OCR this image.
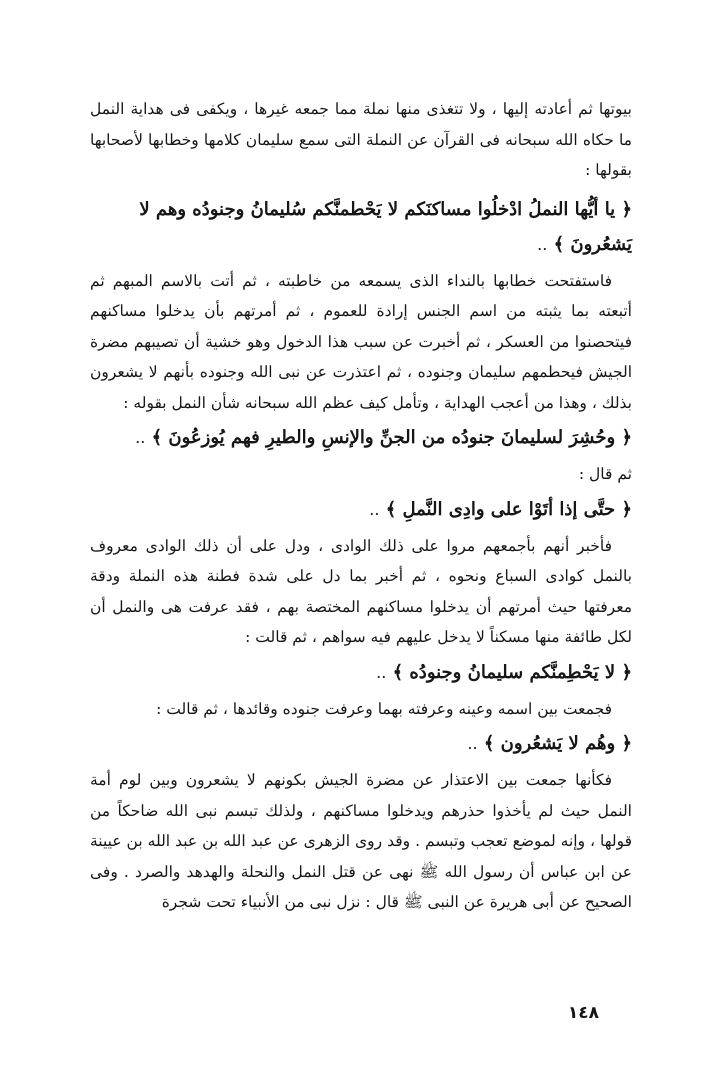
بيوتها ثم أعادته إليها ، ولا تتغذى منها نملة مما جمعه غيرها ، ويكفى فى هداية النمل ما حكاه الله سبحانه فى القرآن عن النملة التى سمع سليمان كلامها وخطابها لأصحابها بقولها :

﴿ يا أيُّها النملُ ادْخلُوا مساكنَكم لا يَحْطمنَّكم سُليمانُ وجنودُه وهم لا يَشعُرونَ ﴾ ..

فاستفتحت خطابها بالنداء الذى يسمعه من خاطبته ، ثم أتت بالاسم المبهم ثم أتبعته بما يثبته من اسم الجنس إرادة للعموم ، ثم أمرتهم بأن يدخلوا مساكنهم فيتحصنوا من العسكر ، ثم أخبرت عن سبب هذا الدخول وهو خشية أن تصيبهم مضرة الجيش فيحطمهم سليمان وجنوده ، ثم اعتذرت عن نبى الله وجنوده بأنهم لا يشعرون بذلك ، وهذا من أعجب الهداية ، وتأمل كيف عظم الله سبحانه شأن النمل بقوله :

﴿ وحُشِرَ لسليمانَ جنودُه من الجنِّ والإنسِ والطيرِ فهم يُوزعُونَ ﴾ ..

ثم قال :

﴿ حتَّى إذا أتَوْا على وادِى النَّملِ ﴾ ..

فأخبر أنهم بأجمعهم مروا على ذلك الوادى ، ودل على أن ذلك الوادى معروف بالنمل كوادى السباع ونحوه ، ثم أخبر بما دل على شدة فطنة هذه النملة ودقة معرفتها حيث أمرتهم أن يدخلوا مساكنهم المختصة بهم ، فقد عرفت هى والنمل أن لكل طائفة منها مسكناً لا يدخل عليهم فيه سواهم ، ثم قالت :

﴿ لا يَحْطِمنَّكم سليمانُ وجنودُه ﴾ ..

فجمعت بين اسمه وعينه وعرفته بهما وعرفت جنوده وقائدها ، ثم قالت :

﴿ وهُم لا يَشعُرون ﴾ ..

فكأنها جمعت بين الاعتذار عن مضرة الجيش بكونهم لا يشعرون وبين لوم أمة النمل حيث لم يأخذوا حذرهم ويدخلوا مساكنهم ، ولذلك تبسم نبى الله ضاحكاً من قولها ، وإنه لموضع تعجب وتبسم . وقد روى الزهرى عن عبد الله بن عبد الله بن عيينة عن ابن عباس أن رسول الله ﷺ نهى عن قتل النمل والنحلة والهدهد والصرد . وفى الصحيح عن أبى هريرة عن النبى ﷺ قال : نزل نبى من الأنبياء تحت شجرة

١٤٨
